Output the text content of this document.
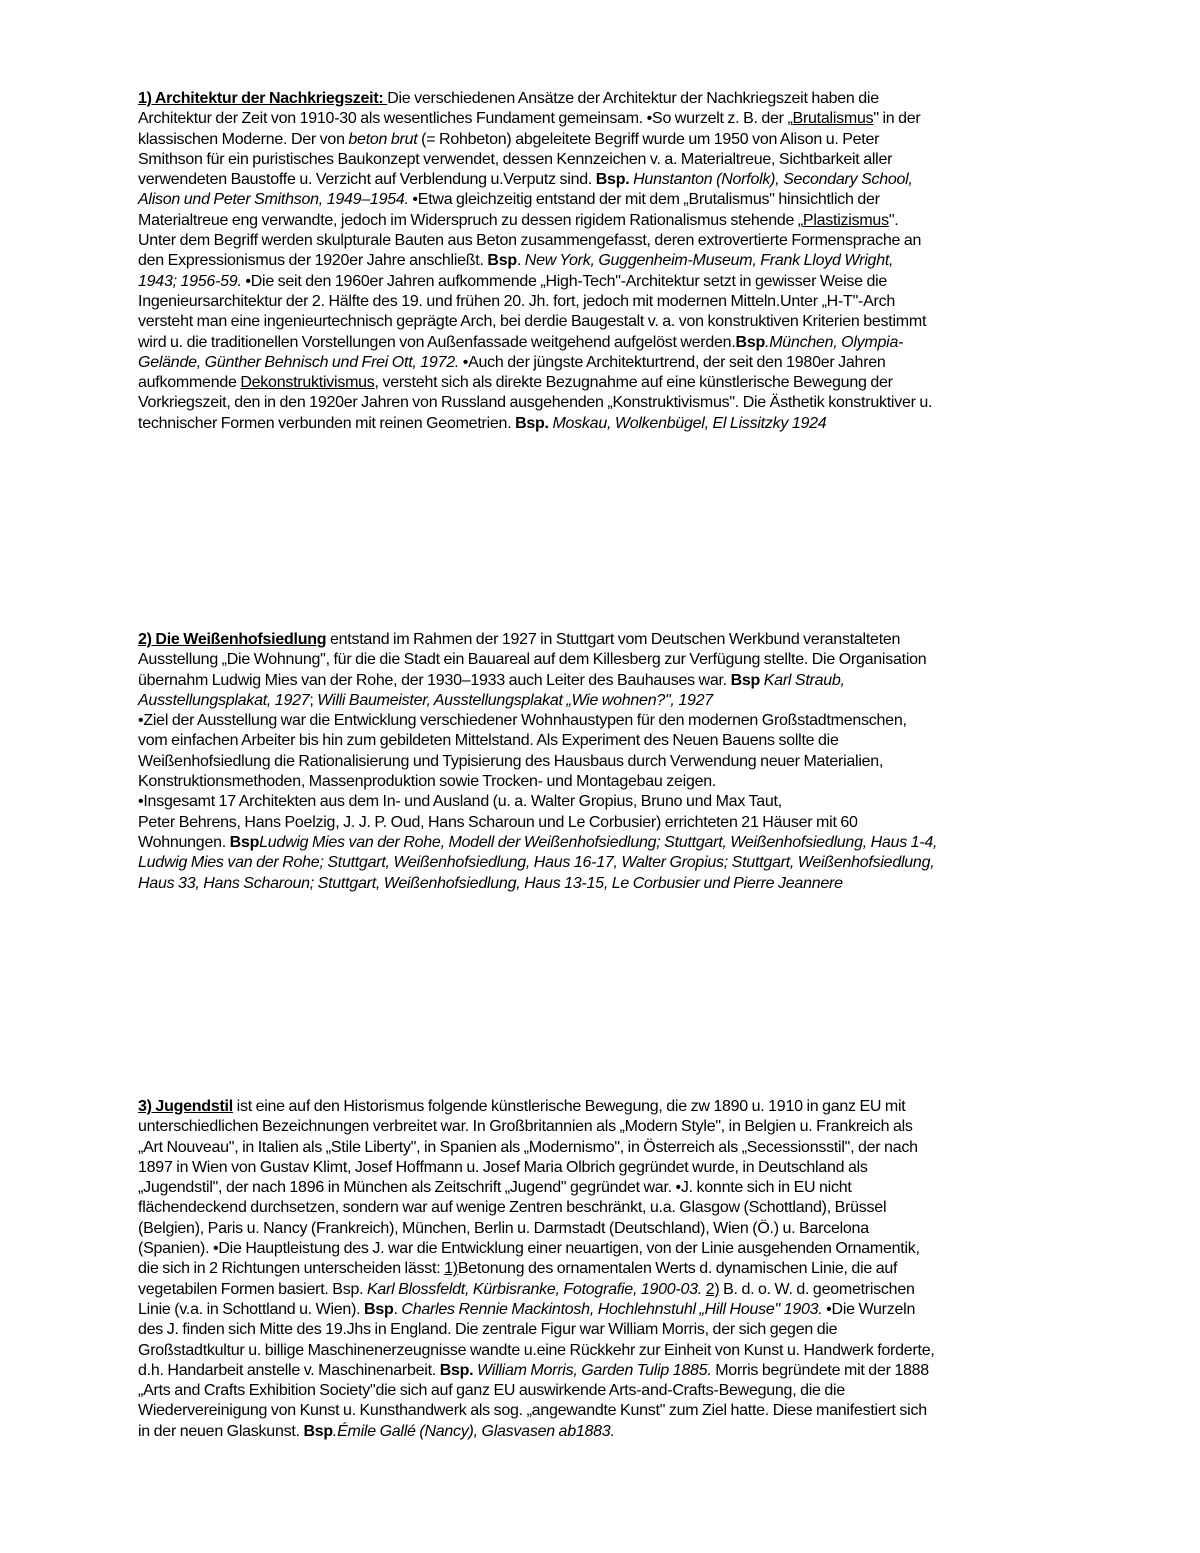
1) Architektur der Nachkriegszeit: Die verschiedenen Ansätze der Architektur der Nachkriegszeit haben die
Architektur der Zeit von 1910-30 als wesentliches Fundament gemeinsam. •So wurzelt z. B. der „Brutalismus" in der
klassischen Moderne. Der von beton brut (= Rohbeton) abgeleitete Begriff wurde um 1950 von Alison u. Peter
Smithson für ein puristisches Baukonzept verwendet, dessen Kennzeichen v. a. Materialtreue, Sichtbarkeit aller
verwendeten Baustoffe u. Verzicht auf Verblendung u.Verputz sind. Bsp. Hunstanton (Norfolk), Secondary School,
Alison und Peter Smithson, 1949–1954. •Etwa gleichzeitig entstand der mit dem „Brutalismus" hinsichtlich der
Materialtreue eng verwandte, jedoch im Widerspruch zu dessen rigidem Rationalismus stehende „Plastizismus".
Unter dem Begriff werden skulpturale Bauten aus Beton zusammengefasst, deren extrovertierte Formensprache an
den Expressionismus der 1920er Jahre anschließt. Bsp. New York, Guggenheim-Museum, Frank Lloyd Wright,
1943; 1956-59. •Die seit den 1960er Jahren aufkommende „High-Tech"-Architektur setzt in gewisser Weise die
Ingenieursarchitektur der 2. Hälfte des 19. und frühen 20. Jh. fort, jedoch mit modernen Mitteln.Unter „H-T"-Arch
versteht man eine ingenieurtechnisch geprägte Arch, bei derdie Baugestalt v. a. von konstruktiven Kriterien bestimmt
wird u. die traditionellen Vorstellungen von Außenfassade weitgehend aufgelöst werden.Bsp.München, Olympia-
Gelände, Günther Behnisch und Frei Ott, 1972. •Auch der jüngste Architekturtrend, der seit den 1980er Jahren
aufkommende Dekonstruktivismus, versteht sich als direkte Bezugnahme auf eine künstlerische Bewegung der
Vorkriegszeit, den in den 1920er Jahren von Russland ausgehenden „Konstruktivismus". Die Ästhetik konstruktiver u.
technischer Formen verbunden mit reinen Geometrien. Bsp. Moskau, Wolkenbügel, El Lissitzky 1924
2) Die Weißenhofsiedlung entstand im Rahmen der 1927 in Stuttgart vom Deutschen Werkbund veranstalteten
Ausstellung „Die Wohnung", für die die Stadt ein Bauareal auf dem Killesberg zur Verfügung stellte. Die Organisation
übernahm Ludwig Mies van der Rohe, der 1930–1933 auch Leiter des Bauhauses war. Bsp Karl Straub,
Ausstellungsplakat, 1927; Willi Baumeister, Ausstellungsplakat „Wie wohnen?", 1927
•Ziel der Ausstellung war die Entwicklung verschiedener Wohnhaustypen für den modernen Großstadtmenschen,
vom einfachen Arbeiter bis hin zum gebildeten Mittelstand. Als Experiment des Neuen Bauens sollte die
Weißenhofsiedlung die Rationalisierung und Typisierung des Hausbaus durch Verwendung neuer Materialien,
Konstruktionsmethoden, Massenproduktion sowie Trocken- und Montagebau zeigen.
•Insgesamt 17 Architekten aus dem In- und Ausland (u. a. Walter Gropius, Bruno und Max Taut,
Peter Behrens, Hans Poelzig, J. J. P. Oud, Hans Scharoun und Le Corbusier) errichteten 21 Häuser mit 60
Wohnungen. BspLudwig Mies van der Rohe, Modell der Weißenhofsiedlung; Stuttgart, Weißenhofsiedlung, Haus 1-4,
Ludwig Mies van der Rohe; Stuttgart, Weißenhofsiedlung, Haus 16-17, Walter Gropius; Stuttgart, Weißenhofsiedlung,
Haus 33, Hans Scharoun; Stuttgart, Weißenhofsiedlung, Haus 13-15, Le Corbusier und Pierre Jeannere
3) Jugendstil ist eine auf den Historismus folgende künstlerische Bewegung, die zw 1890 u. 1910 in ganz EU mit
unterschiedlichen Bezeichnungen verbreitet war. In Großbritannien als „Modern Style", in Belgien u. Frankreich als
„Art Nouveau", in Italien als „Stile Liberty", in Spanien als „Modernismo", in Österreich als „Secessionsstil", der nach
1897 in Wien von Gustav Klimt, Josef Hoffmann u. Josef Maria Olbrich gegründet wurde, in Deutschland als
„Jugendstil", der nach 1896 in München als Zeitschrift „Jugend" gegründet war. •J. konnte sich in EU nicht
flächendeckend durchsetzen, sondern war auf wenige Zentren beschränkt, u.a. Glasgow (Schottland), Brüssel
(Belgien), Paris u. Nancy (Frankreich), München, Berlin u. Darmstadt (Deutschland), Wien (Ö.) u. Barcelona
(Spanien). •Die Hauptleistung des J. war die Entwicklung einer neuartigen, von der Linie ausgehenden Ornamentik,
die sich in 2 Richtungen unterscheiden lässt: 1)Betonung des ornamentalen Werts d. dynamischen Linie, die auf
vegetabilen Formen basiert. Bsp. Karl Blossfeldt, Kürbisranke, Fotografie, 1900-03. 2) B. d. o. W. d. geometrischen
Linie (v.a. in Schottland u. Wien). Bsp. Charles Rennie Mackintosh, Hochlehnstuhl „Hill House" 1903. •Die Wurzeln
des J. finden sich Mitte des 19.Jhs in England. Die zentrale Figur war William Morris, der sich gegen die
Großstadtkultur u. billige Maschinenerzeugnisse wandte u.eine Rückkehr zur Einheit von Kunst u. Handwerk forderte,
d.h. Handarbeit anstelle v. Maschinenarbeit. Bsp. William Morris, Garden Tulip 1885. Morris begründete mit der 1888
„Arts and Crafts Exhibition Society"die sich auf ganz EU auswirkende Arts-and-Crafts-Bewegung, die die
Wiedervereinigung von Kunst u. Kunsthandwerk als sog. „angewandte Kunst" zum Ziel hatte. Diese manifestiert sich
in der neuen Glaskunst. Bsp.Émile Gallé (Nancy), Glasvasen ab1883.
